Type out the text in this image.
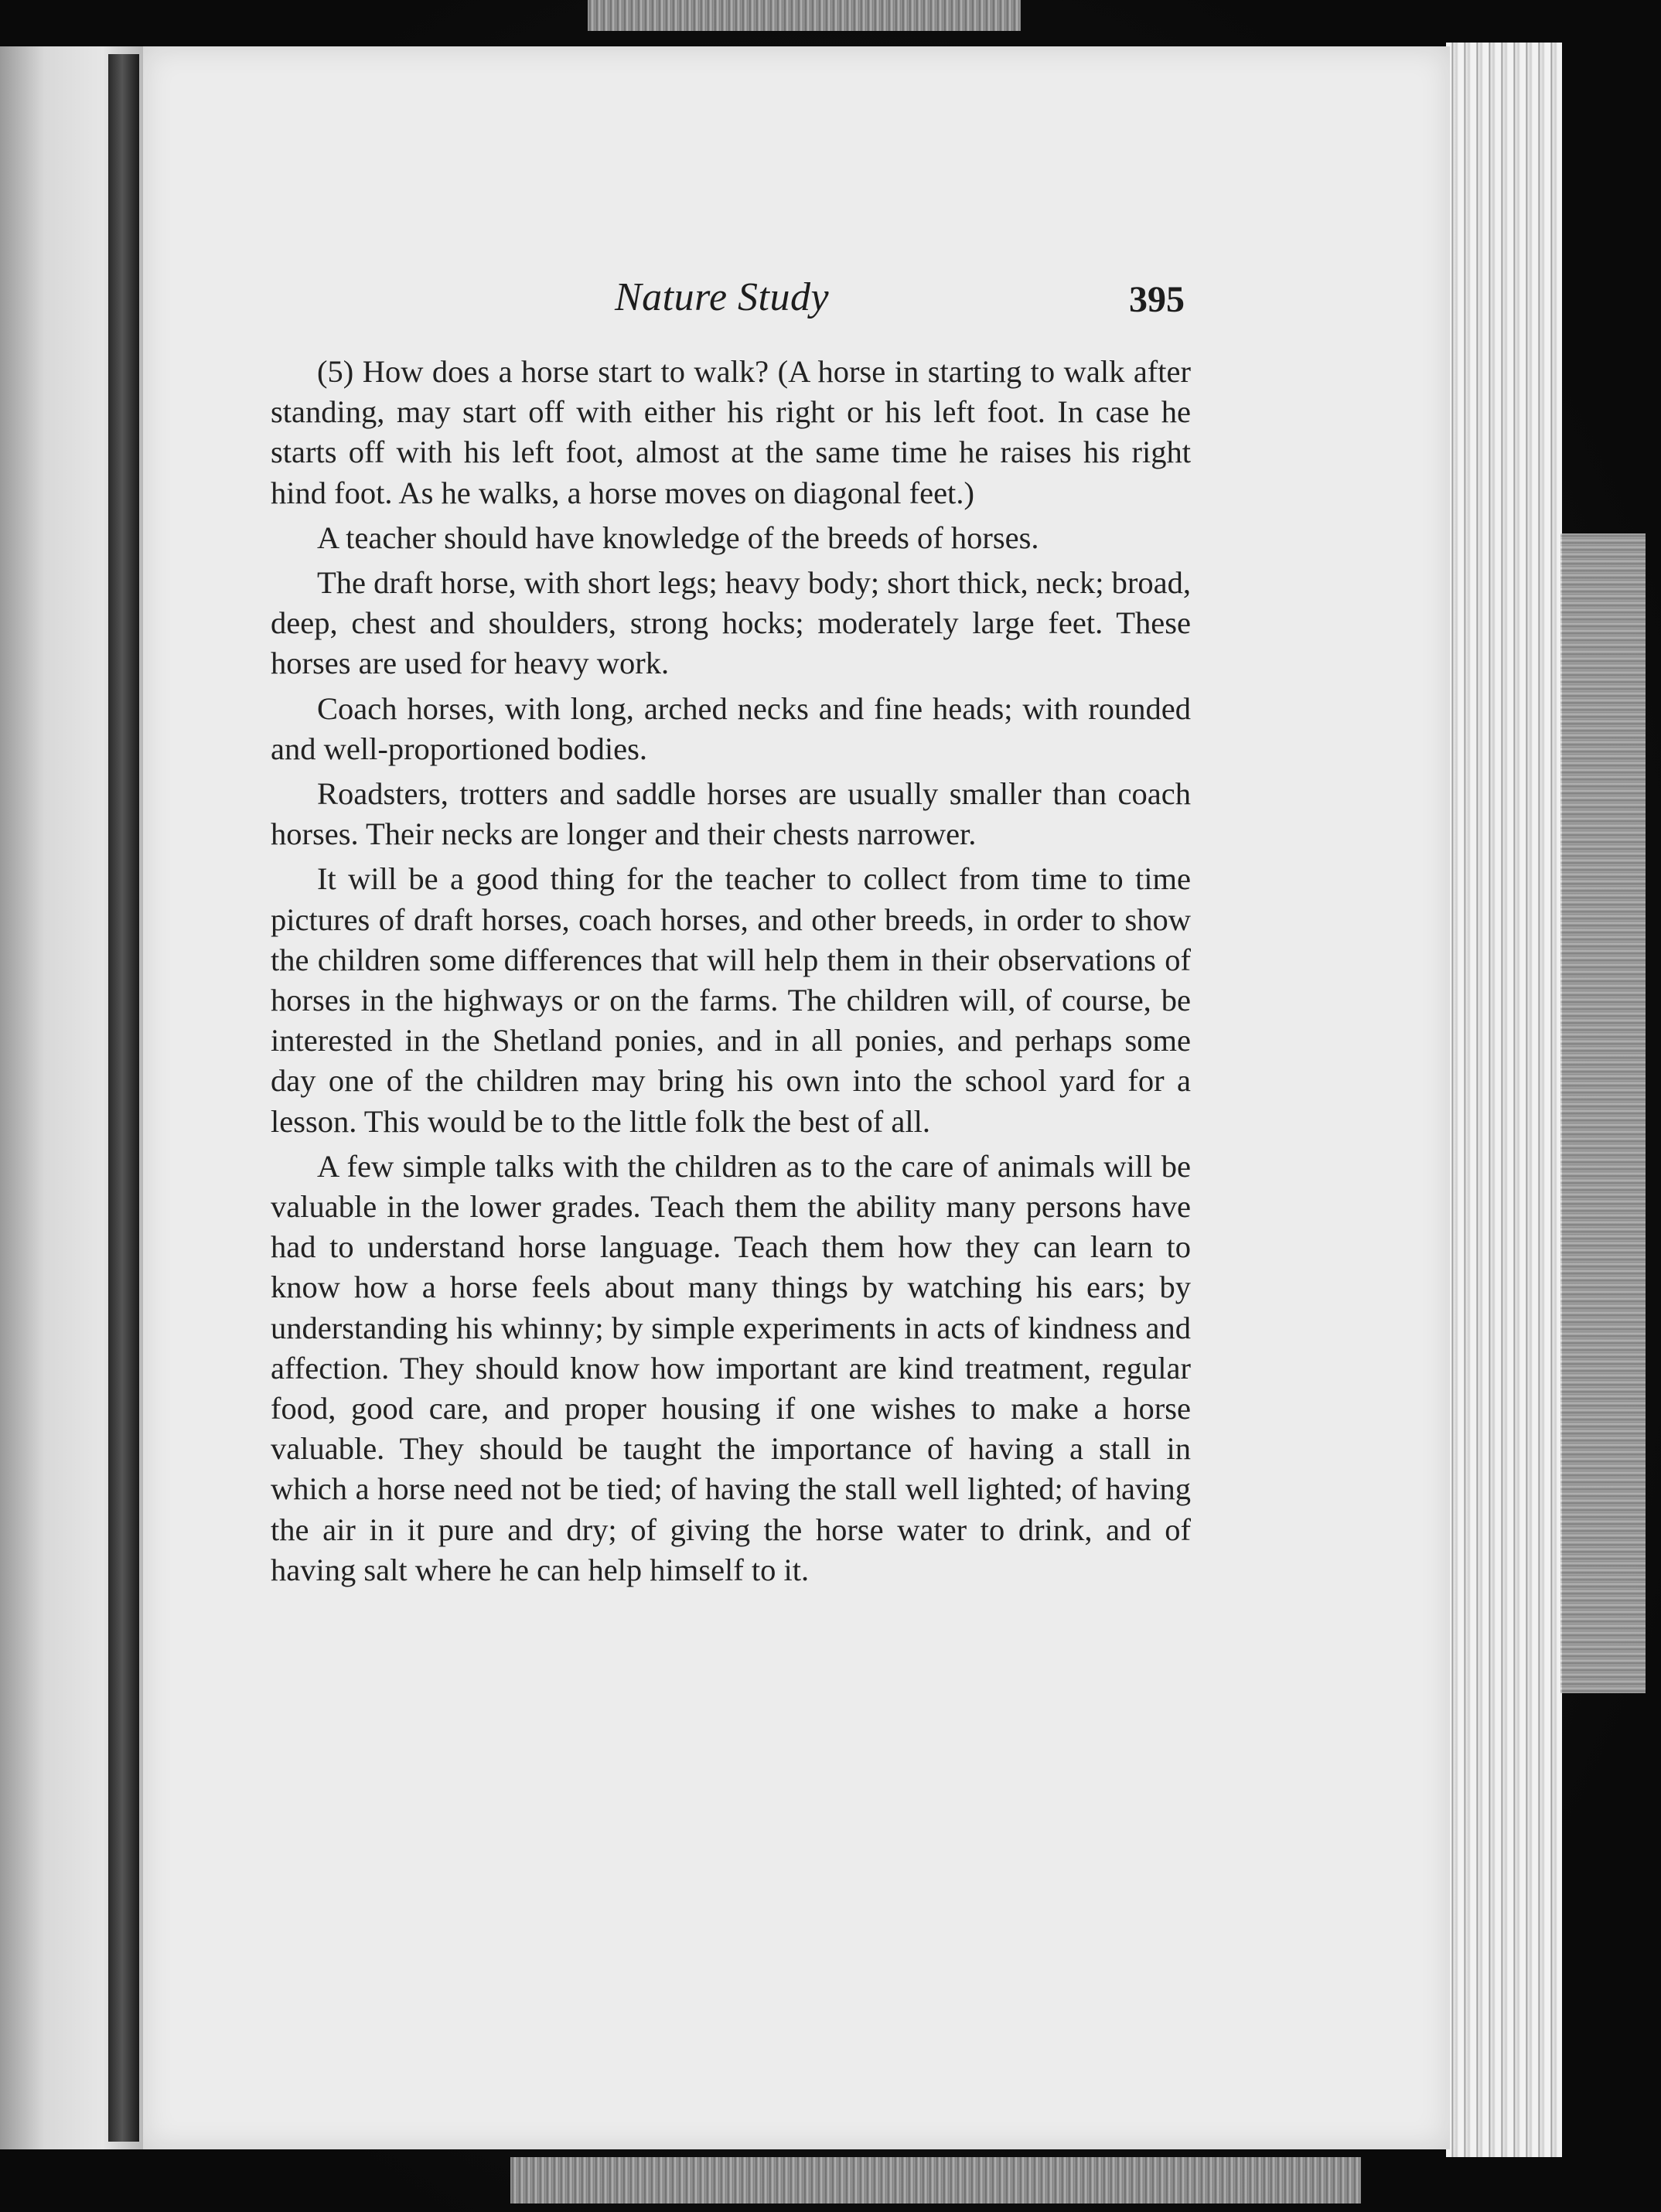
Nature Study	395

(5) How does a horse start to walk? (A horse in starting to walk after standing, may start off with either his right or his left foot. In case he starts off with his left foot, almost at the same time he raises his right hind foot. As he walks, a horse moves on diagonal feet.)

A teacher should have knowledge of the breeds of horses.

The draft horse, with short legs; heavy body; short thick, neck; broad, deep, chest and shoulders, strong hocks; moderately large feet. These horses are used for heavy work.

Coach horses, with long, arched necks and fine heads; with rounded and well-proportioned bodies.

Roadsters, trotters and saddle horses are usually smaller than coach horses. Their necks are longer and their chests narrower.

It will be a good thing for the teacher to collect from time to time pictures of draft horses, coach horses, and other breeds, in order to show the children some differences that will help them in their observations of horses in the highways or on the farms. The children will, of course, be interested in the Shetland ponies, and in all ponies, and perhaps some day one of the children may bring his own into the school yard for a lesson. This would be to the little folk the best of all.

A few simple talks with the children as to the care of animals will be valuable in the lower grades. Teach them the ability many persons have had to understand horse language. Teach them how they can learn to know how a horse feels about many things by watching his ears; by understanding his whinny; by simple experiments in acts of kindness and affection. They should know how important are kind treatment, regular food, good care, and proper housing if one wishes to make a horse valuable. They should be taught the importance of having a stall in which a horse need not be tied; of having the stall well lighted; of having the air in it pure and dry; of giving the horse water to drink, and of having salt where he can help himself to it.
